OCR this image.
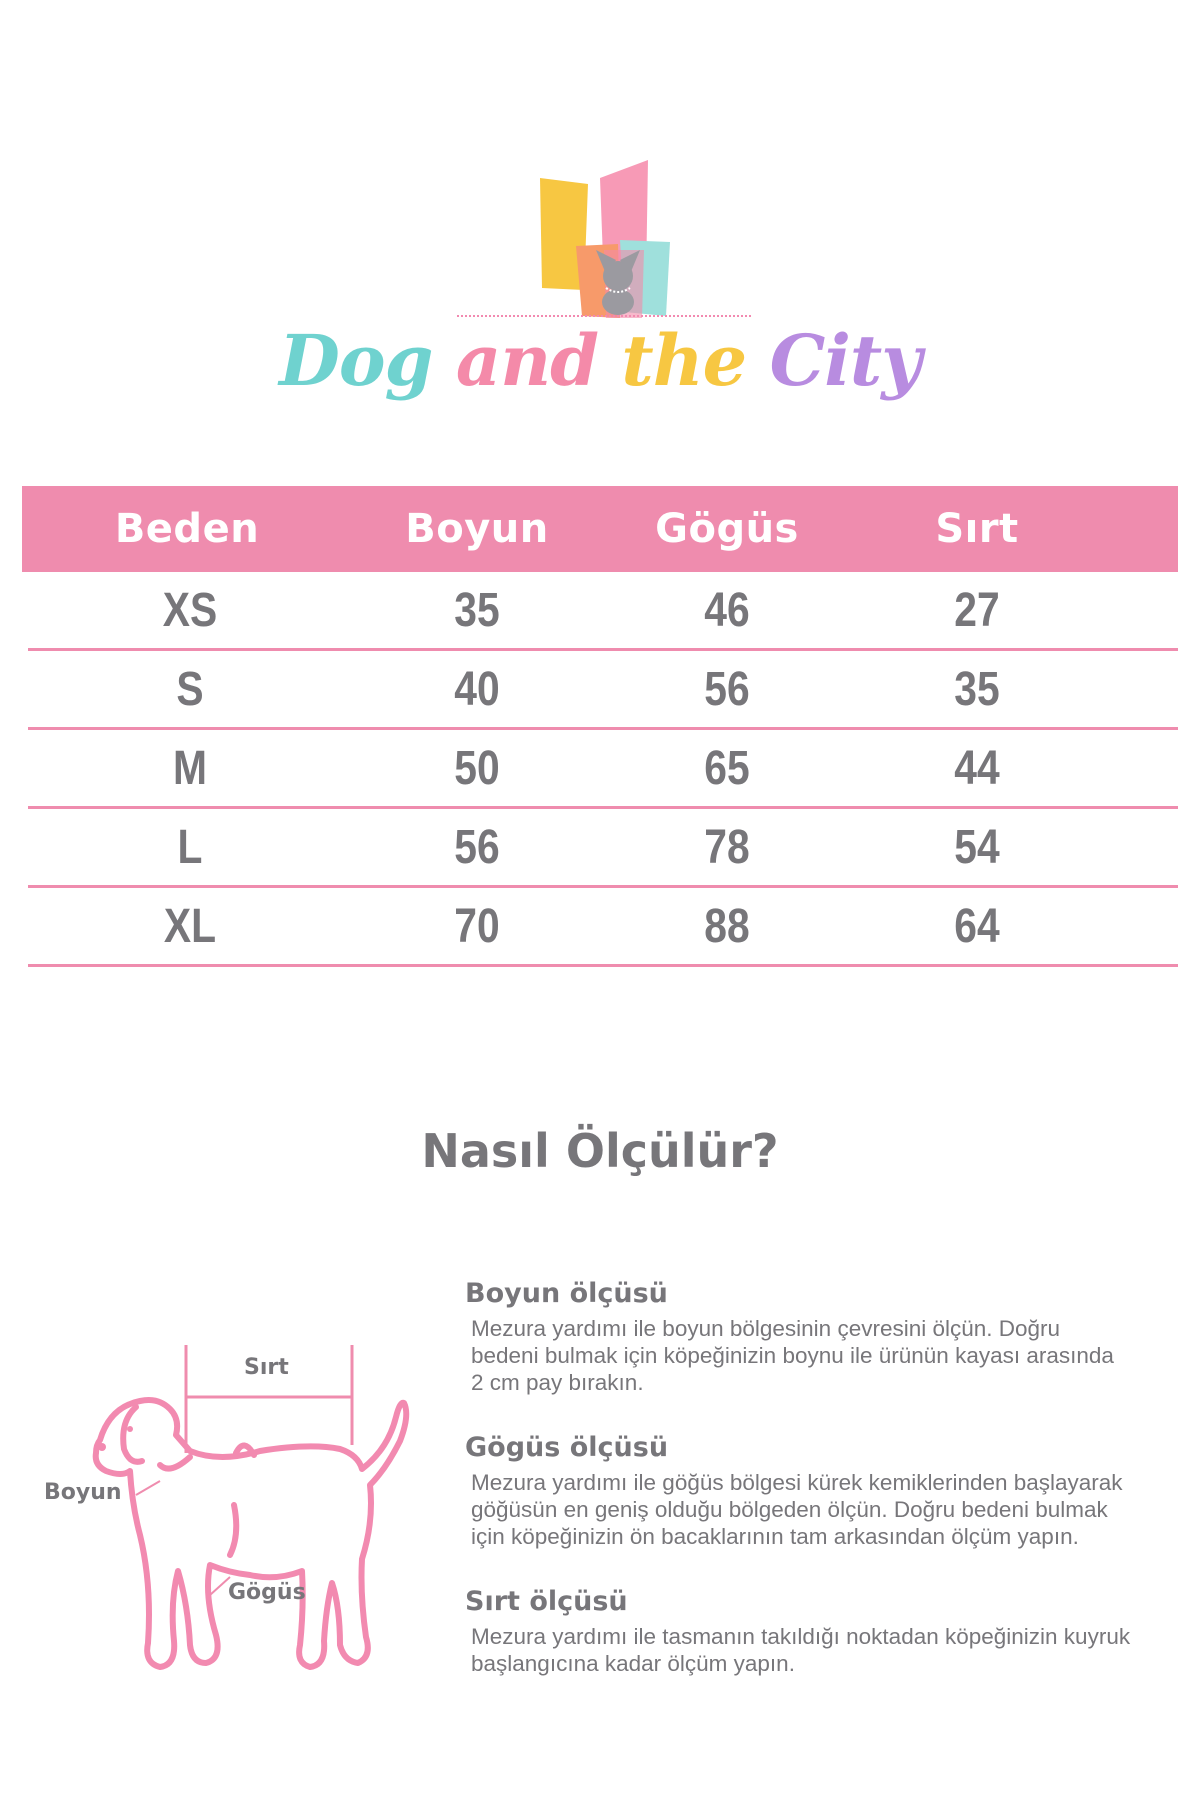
Dog and the City
Beden	Boyun	Gögüs	Sırt
XS	35	46	27
S	40	56	35
M	50	65	44
L	56	78	54
XL	70	88	64
Nasıl Ölçülür?
Sırt
Boyun
Gögüs
Boyun ölçüsü

Mezura yardımı ile boyun bölgesinin çevresini ölçün. Doğru

bedeni bulmak için köpeğinizin boynu ile ürünün kayası arasında

2 cm pay bırakın.

Gögüs ölçüsü

Mezura yardımı ile göğüs bölgesi kürek kemiklerinden başlayarak

göğüsün en geniş olduğu bölgeden ölçün. Doğru bedeni bulmak

için köpeğinizin ön bacaklarının tam arkasından ölçüm yapın.

Sırt ölçüsü

Mezura yardımı ile tasmanın takıldığı noktadan köpeğinizin kuyruk

başlangıcına kadar ölçüm yapın.
